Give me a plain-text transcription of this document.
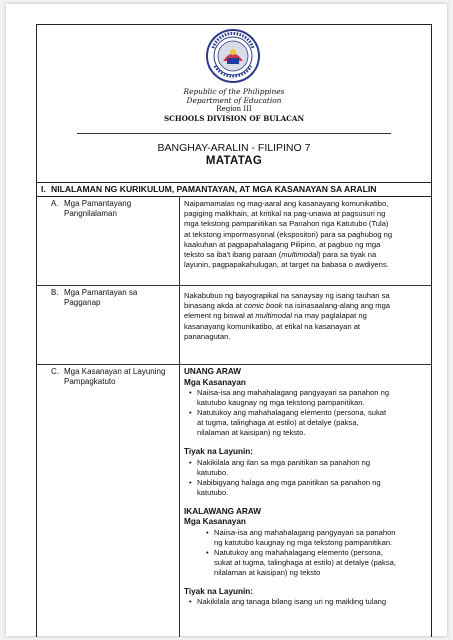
Republic of the Philippines
Department of Education
Region III
SCHOOLS DIVISION OF BULACAN
BANGHAY-ARALIN - FILIPINO 7
MATATAG
I. NILALAMAN NG KURIKULUM, PAMANTAYAN, AT MGA KASANAYAN SA ARALIN
A. Mga Pamantayang Pangnilalaman
Naipamamalas ng mag-aaral ang kasanayang komunikatibo,
pagiging malikhain, at kritikal na pag-unawa at pagsusuri ng
mga tekstong pampanitikan sa Panahon nga Katutubo (Tula)
at tekstong impormasyonal (ekspositori) para sa paghubog ng
kaakuhan at pagpapahalagang Pilipino, at pagbuo ng mga
teksto sa iba't ibang paraan (multimodal) para sa tiyak na
layunin, pagpapakahulugan, at target na babasa o awdiyens.
B. Mga Pamantayan sa Pagganap
Nakabubuo ng bayograpikal na sanaysay ng isang tauhan sa
binasang akda at comic book na isinasaalang-alang ang mga
element ng biswal at multimodal na may paglalapat ng
kasanayang komunikatibo, at etikal na kasanayan at
pananagutan.
C. Mga Kasanayan at Layuning Pampagkatuto
UNANG ARAW
Mga Kasanayan
• Naiisa-isa ang mahahalagang pangyayari sa panahon ng
katutubo kaugnay ng mga tekstong pampanitikan.
• Natutukoy ang mahahalagang elemento (persona, sukat
at tugma, talinghaga at estilo) at detalye (paksa,
nilalaman at kaisipan) ng teksto.
Tiyak na Layunin:
• Nakikilala ang ilan sa mga panitikan sa panahon ng
katutubo.
• Nabibigyang halaga ang mga panitikan sa panahon ng
katutubo.
IKALAWANG ARAW
Mga Kasanayan
• Naiisa-isa ang mahahalagang pangyayari sa panahon
ng katutubo kaugnay ng mga tekstong pampanitikan.
• Natutukoy ang mahahalagang elemento (persona,
sukat at tugma, talinghaga at estilo) at detalye (paksa,
nilalaman at kaisipan) ng teksto
Tiyak na Layunin:
• Nakikilala ang tanaga bilang isang uri ng maikling tulang
